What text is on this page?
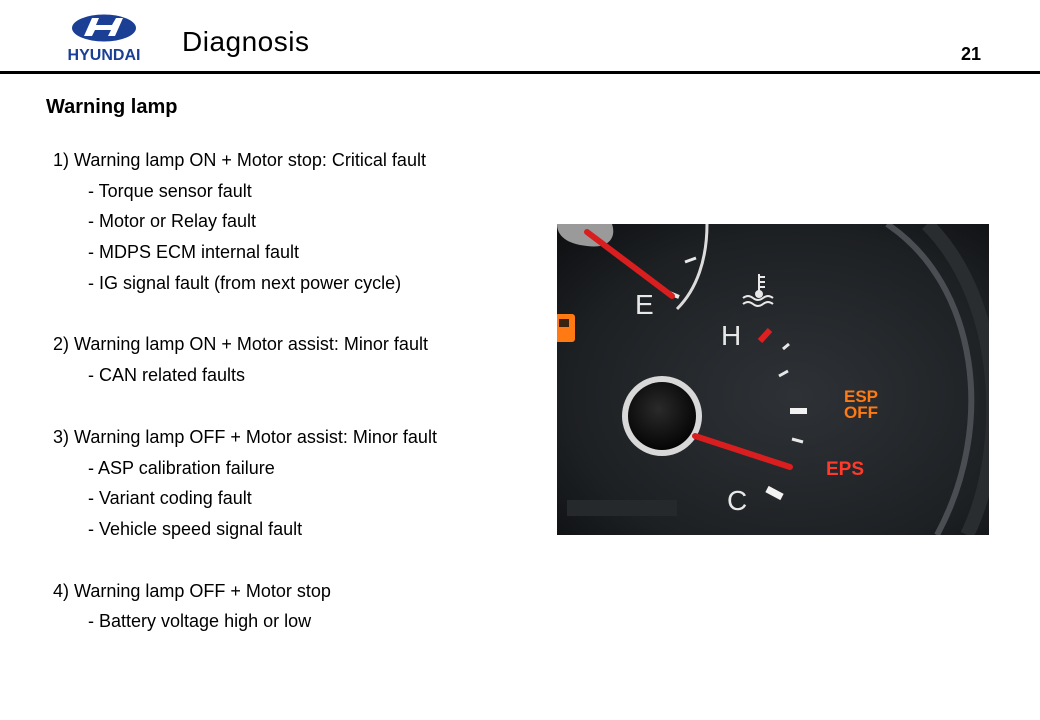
HYUNDAI Diagnosis	21
Warning lamp
1) Warning lamp ON + Motor stop: Critical fault
- Torque sensor fault
- Motor or Relay fault
- MDPS ECM internal fault
- IG signal fault (from next power cycle)
2) Warning lamp ON + Motor assist: Minor fault
- CAN related faults
3) Warning lamp OFF + Motor assist: Minor fault
- ASP calibration failure
- Variant coding fault
- Vehicle speed signal fault
4) Warning lamp OFF + Motor stop
- Battery voltage high or low
E
H
C
ESP
OFF
EPS
